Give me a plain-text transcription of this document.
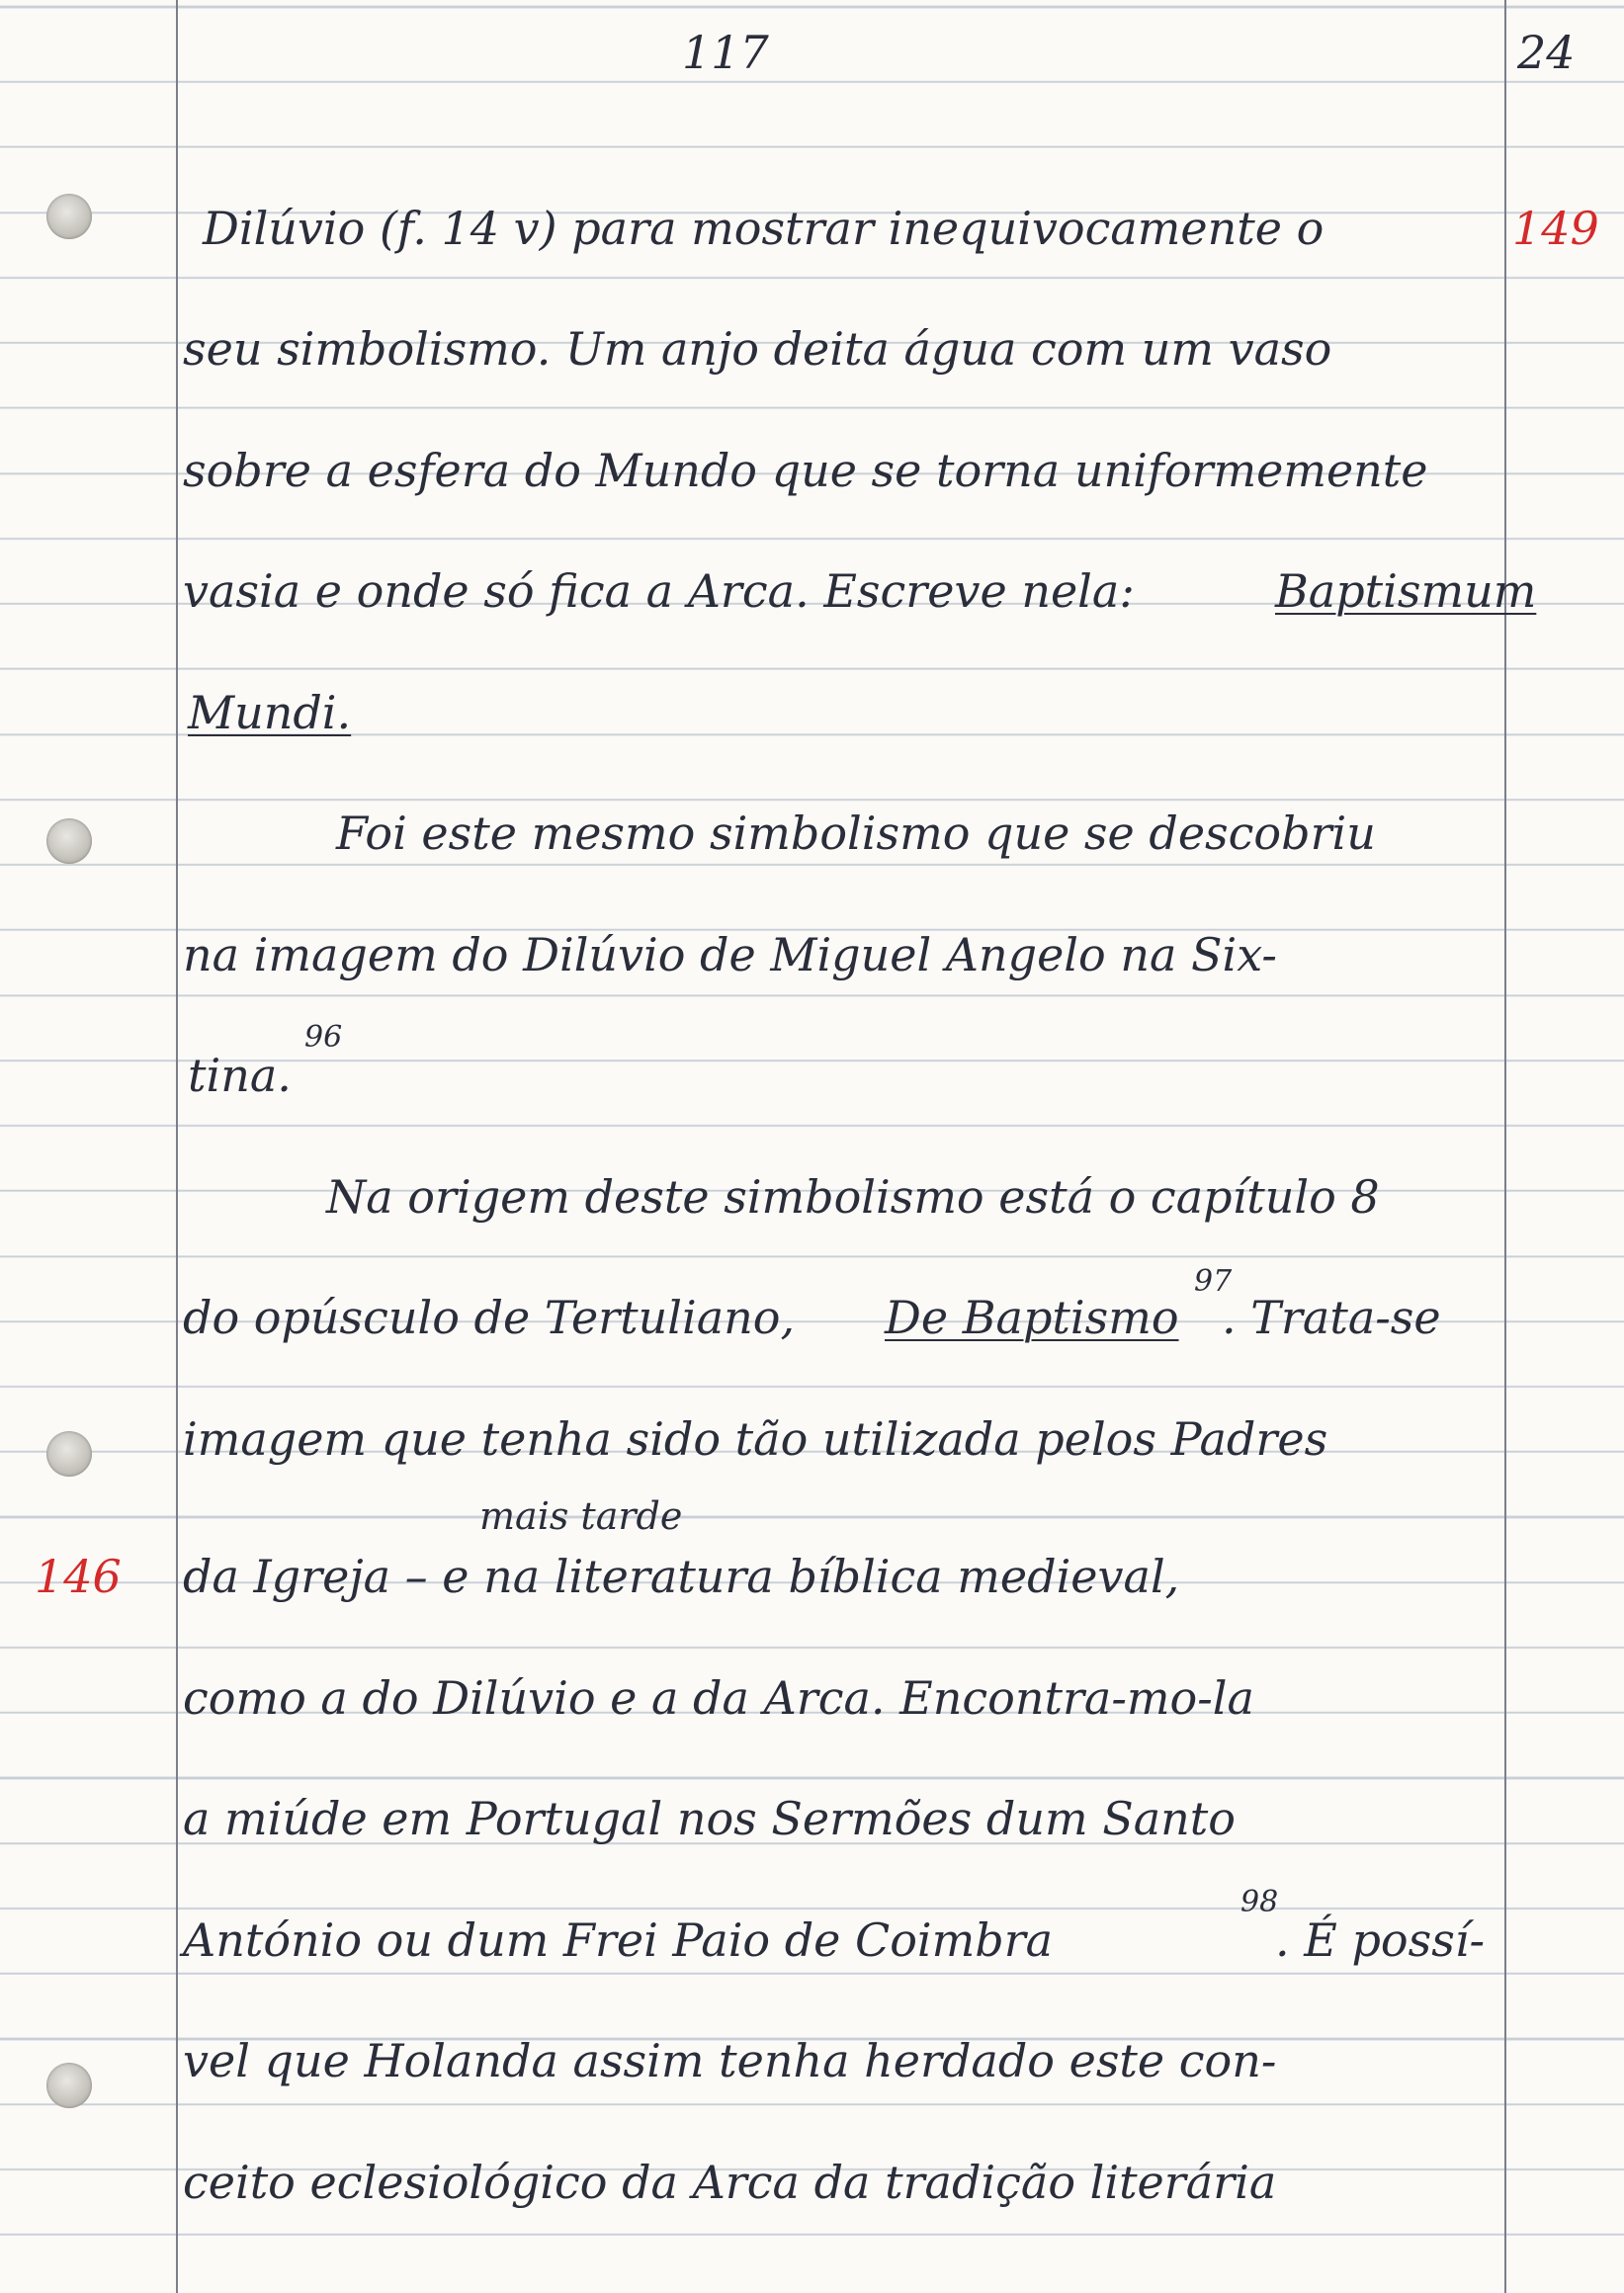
117	24
149
146
Dilúvio (f. 14 v) para mostrar inequivocamente o
seu simbolismo. Um anjo deita água com um vaso
sobre a esfera do Mundo que se torna uniformemente
vasia e onde só fica a Arca. Escreve nela:	Baptismum
Mundi.
Foi este mesmo simbolismo que se descobriu
na imagem do Dilúvio de Miguel Angelo na Six-
tina.
96
Na origem deste simbolismo está o capítulo 8
do opúsculo de Tertuliano, De Baptismo
97
. Trata-se
imagem que tenha sido tão utilizada pelos Padres
mais tarde
da Igreja – e na literatura bíblica medieval,
como a do Dilúvio e a da Arca. Encontra-mo-la
a miúde em Portugal nos Sermões dum Santo
António ou dum Frei Paio de Coimbra
98
. É possí-
vel que Holanda assim tenha herdado este con-
ceito eclesiológico da Arca da tradição literária
